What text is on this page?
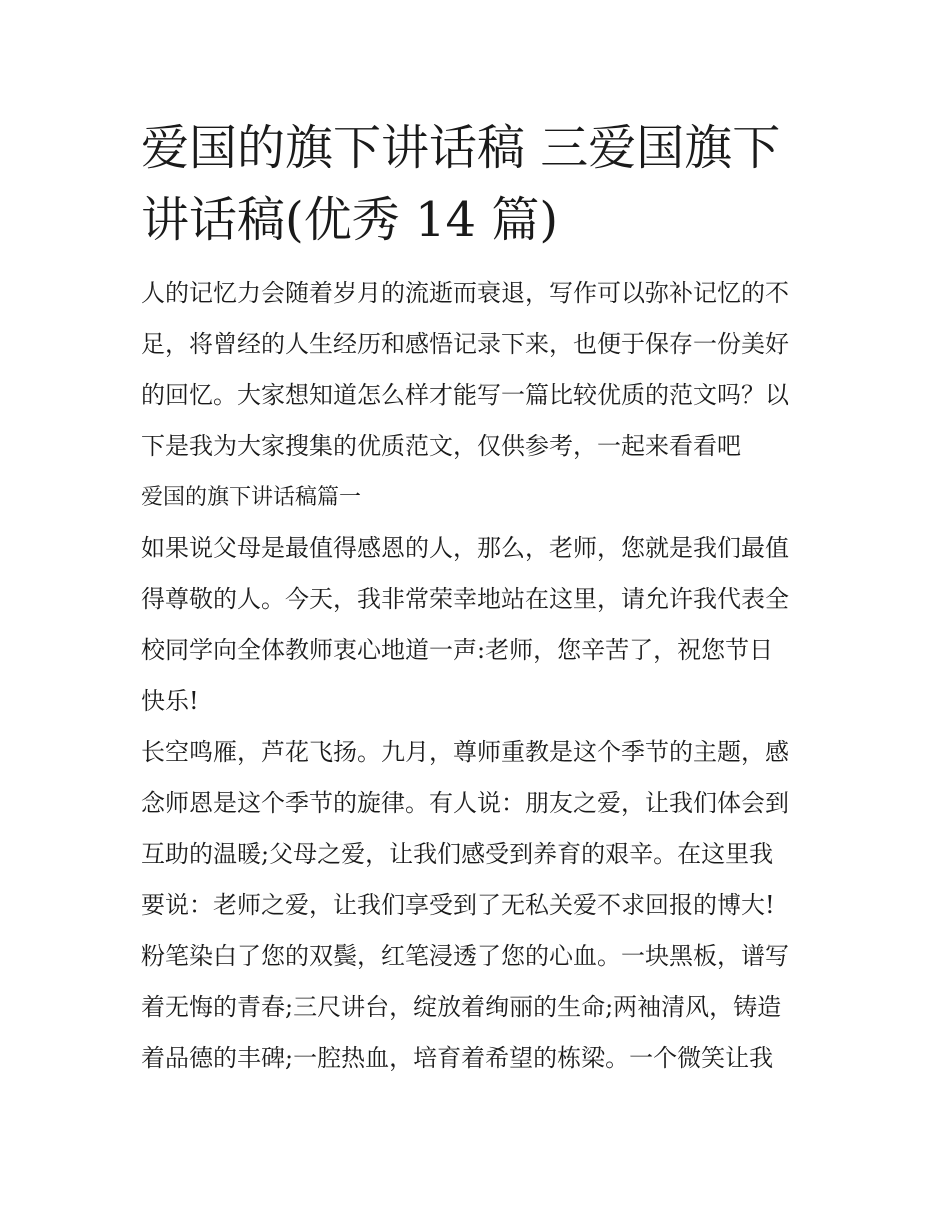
爱国的旗下讲话稿 三爱国旗下
讲话稿(优秀 14 篇)
人的记忆力会随着岁月的流逝而衰退，写作可以弥补记忆的不
足，将曾经的人生经历和感悟记录下来，也便于保存一份美好
的回忆。大家想知道怎么样才能写一篇比较优质的范文吗？以
下是我为大家搜集的优质范文，仅供参考，一起来看看吧
爱国的旗下讲话稿篇一
如果说父母是最值得感恩的人，那么，老师，您就是我们最值
得尊敬的人。今天，我非常荣幸地站在这里，请允许我代表全
校同学向全体教师衷心地道一声:老师，您辛苦了，祝您节日
快乐!
长空鸣雁，芦花飞扬。九月，尊师重教是这个季节的主题，感
念师恩是这个季节的旋律。有人说：朋友之爱，让我们体会到
互助的温暖;父母之爱，让我们感受到养育的艰辛。在这里我
要说：老师之爱，让我们享受到了无私关爱不求回报的博大!
粉笔染白了您的双鬓，红笔浸透了您的心血。一块黑板，谱写
着无悔的青春;三尺讲台，绽放着绚丽的生命;两袖清风，铸造
着品德的丰碑;一腔热血，培育着希望的栋梁。一个微笑让我
